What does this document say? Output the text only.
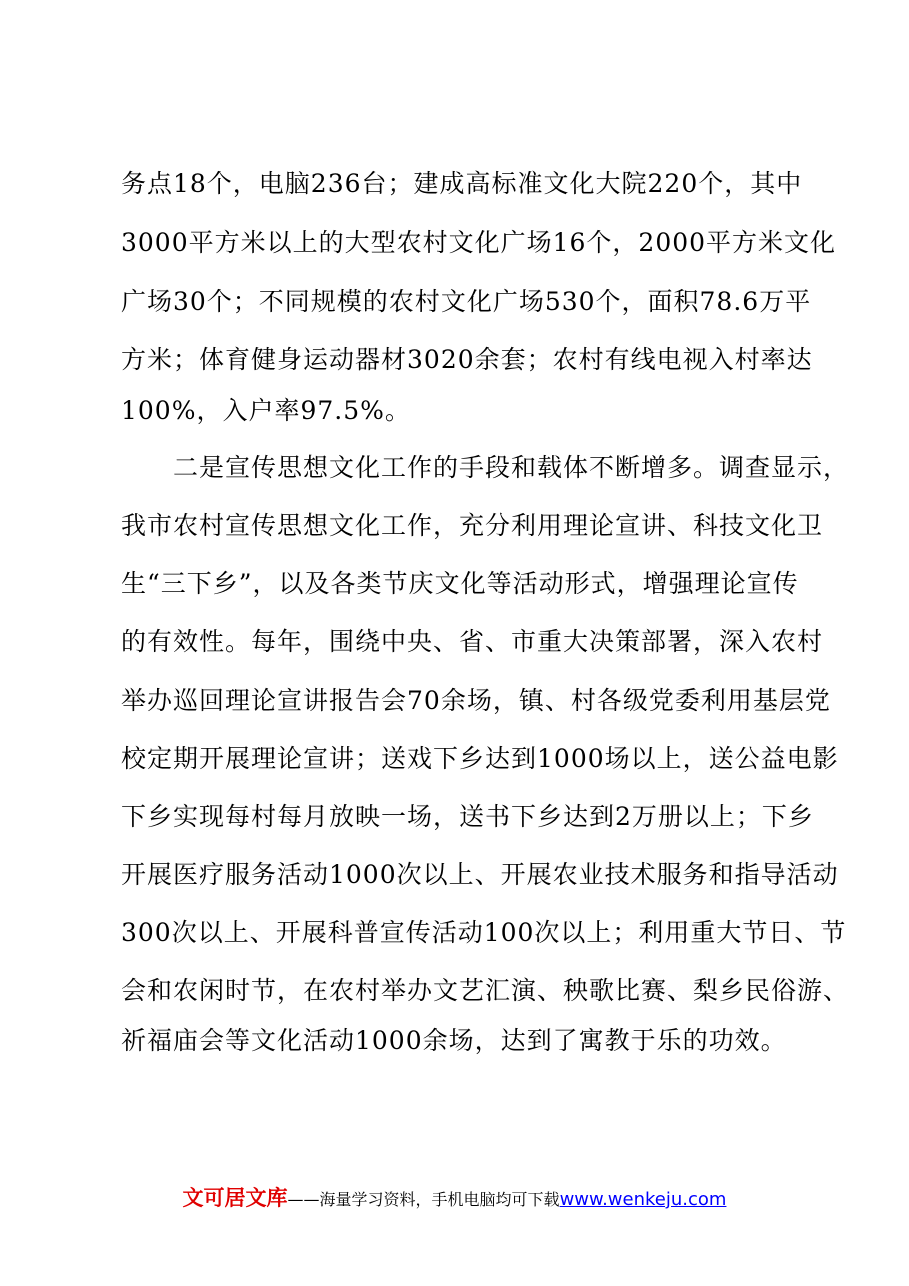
务点18个，电脑236台；建成高标准文化大院220个，其中
3000平方米以上的大型农村文化广场16个，2000平方米文化
广场30个；不同规模的农村文化广场530个，面积78.6万平
方米；体育健身运动器材3020余套；农村有线电视入村率达
100%，入户率97.5%。
　　二是宣传思想文化工作的手段和载体不断增多。调查显示，
我市农村宣传思想文化工作，充分利用理论宣讲、科技文化卫
生“三下乡”，以及各类节庆文化等活动形式，增强理论宣传
的有效性。每年，围绕中央、省、市重大决策部署，深入农村
举办巡回理论宣讲报告会70余场，镇、村各级党委利用基层党
校定期开展理论宣讲；送戏下乡达到1000场以上，送公益电影
下乡实现每村每月放映一场，送书下乡达到2万册以上；下乡
开展医疗服务活动1000次以上、开展农业技术服务和指导活动
300次以上、开展科普宣传活动100次以上；利用重大节日、节
会和农闲时节，在农村举办文艺汇演、秧歌比赛、梨乡民俗游、
祈福庙会等文化活动1000余场，达到了寓教于乐的功效。
文可居文库——海量学习资料，手机电脑均可下载www.wenkeju.com
